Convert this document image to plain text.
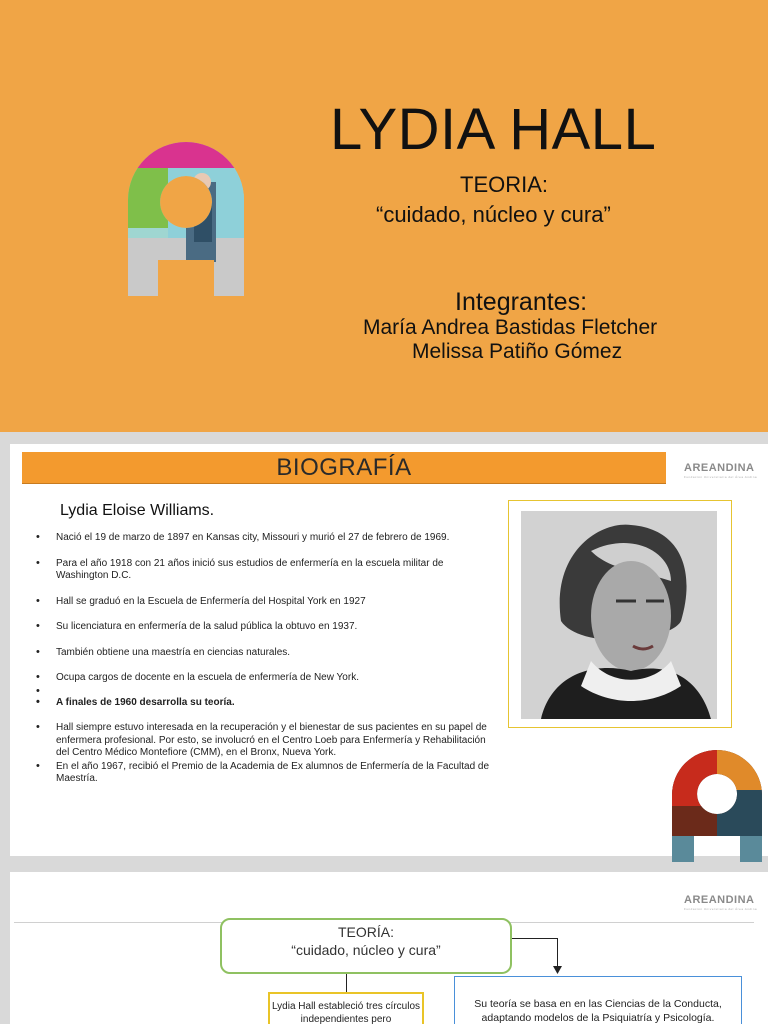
LYDIA HALL
TEORIA:
“cuidado, núcleo y cura”
Integrantes:
María Andrea Bastidas Fletcher
Melissa Patiño Gómez
BIOGRAFÍA	AREANDINA
Fundación Universitaria del Área Andina
Lydia Eloise Williams.
• Nació el 19 de marzo de 1897 en Kansas city, Missouri y murió el 27 de febrero de 1969.
• Para el año 1918 con 21 años inició sus estudios de enfermería en la escuela militar de Washington D.C.
• Hall se graduó en la Escuela de Enfermería del Hospital York en 1927
• Su licenciatura en enfermería de la salud pública la obtuvo en 1937.
• También obtiene una maestría en ciencias naturales.
• Ocupa cargos de docente en la escuela de enfermería de New York.
•
• A finales de 1960 desarrolla su teoría.
• Hall siempre estuvo interesada en la recuperación y el bienestar de sus pacientes en su papel de enfermera profesional. Por esto, se involucró en el Centro Loeb para Enfermería y Rehabilitación del Centro Médico Montefiore (CMM), en el Bronx, Nueva York.
• En el año 1967, recibió el Premio de la Academia de Ex alumnos de Enfermería de la Facultad de Maestría.
AREANDINA
Fundación Universitaria del Área Andina
TEORÍA:
“cuidado, núcleo y cura”
Lydia Hall estableció tres círculos independientes pero
Su teoría se basa en en las Ciencias de la Conducta, adaptando modelos de la Psiquiatría y Psicología.
